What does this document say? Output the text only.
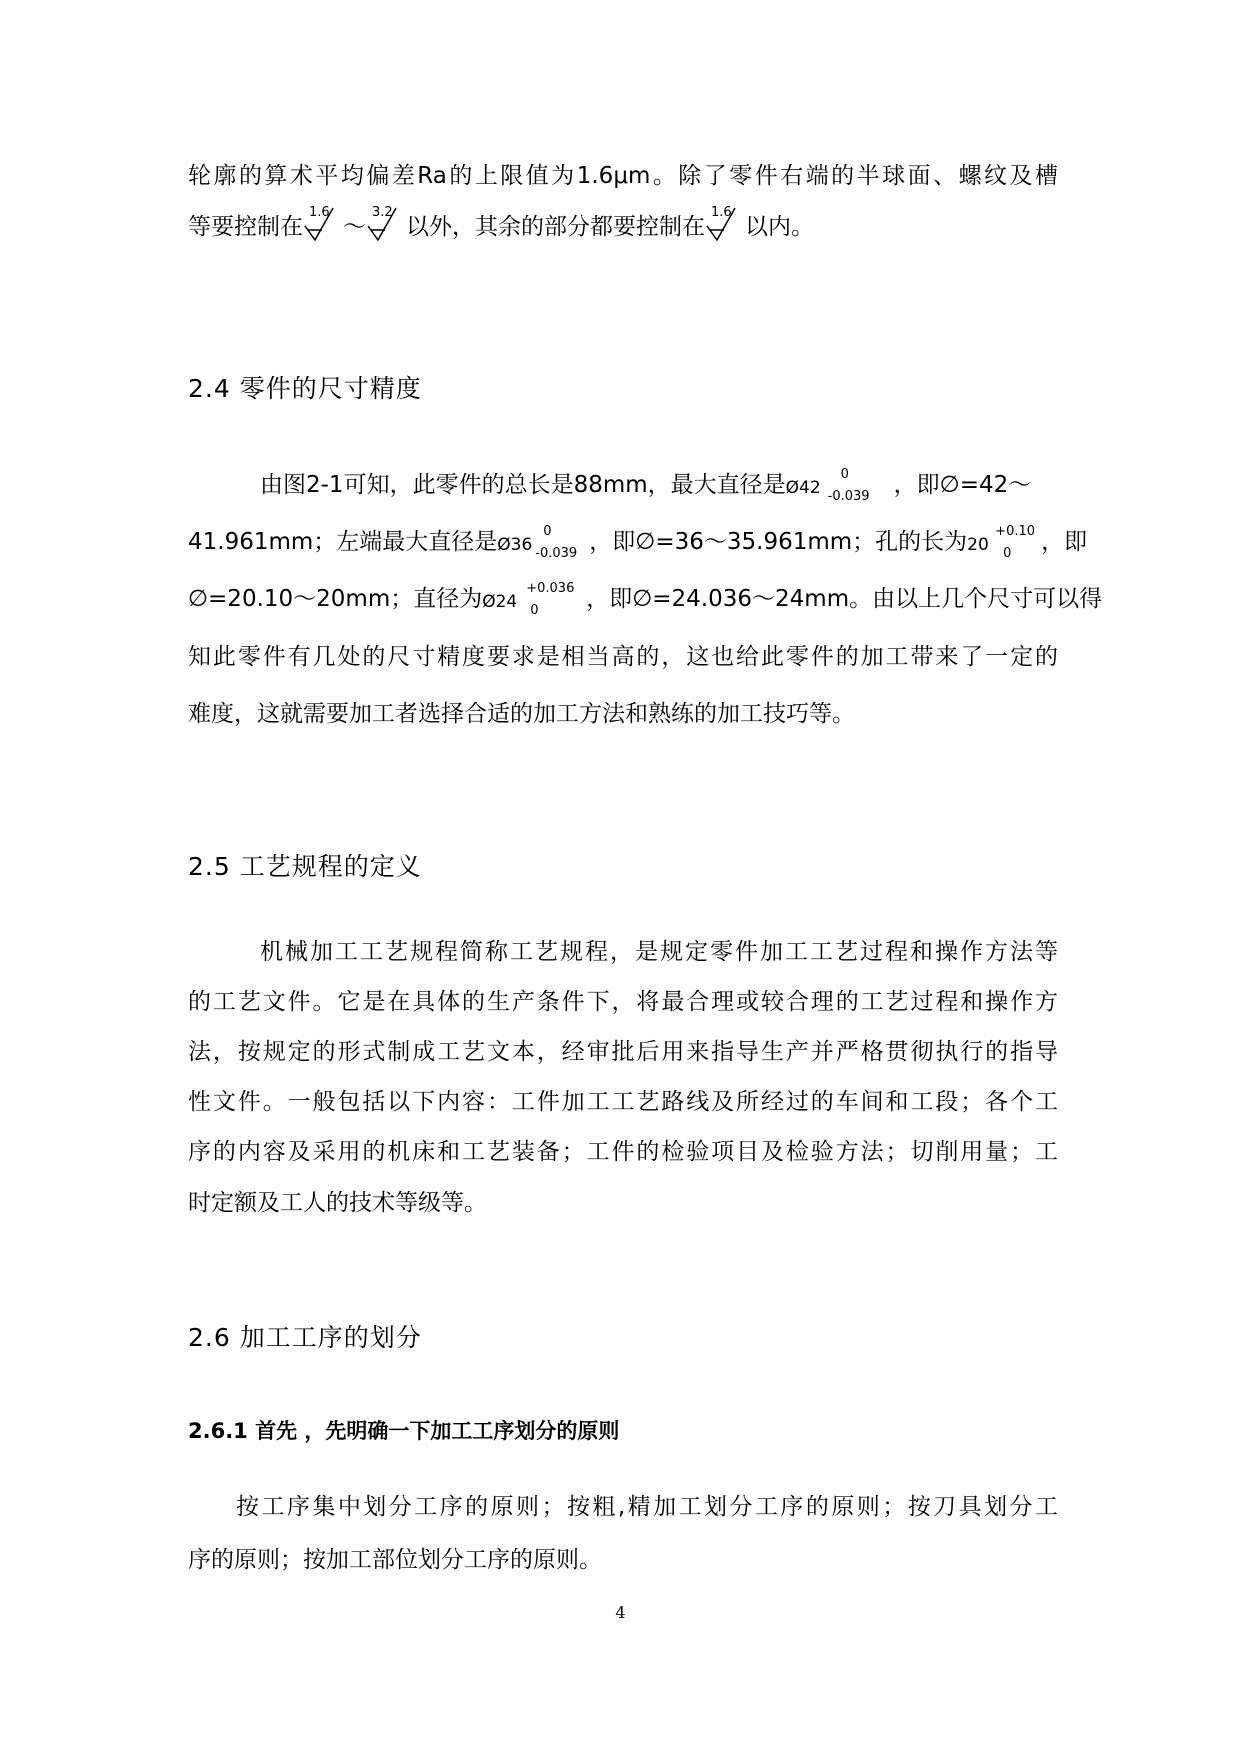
轮廓的算术平均偏差Ra的上限值为1.6μm。除了零件右端的半球面、螺纹及槽
等要控制在
1.6
～
3.2
以外，其余的部分都要控制在
1.6
以内。
2.4 零件的尺寸精度
由图2-1可知，此零件的总长是88mm，最大直径是 Ø42
0
-0.039 ，即∅=42～
41.961mm；左端最大直径是 Ø36
0
-0.039 ，即∅=36～35.961mm；孔的长为 20
+0.10
0 ，即
∅=20.10～20mm；直径为 Ø24
+0.036
0 ，即∅=24.036～24mm。由以上几个尺寸可以得
知此零件有几处的尺寸精度要求是相当高的，这也给此零件的加工带来了一定的
难度，这就需要加工者选择合适的加工方法和熟练的加工技巧等。
2.5 工艺规程的定义
机械加工工艺规程简称工艺规程，是规定零件加工工艺过程和操作方法等
的工艺文件。它是在具体的生产条件下，将最合理或较合理的工艺过程和操作方
法，按规定的形式制成工艺文本，经审批后用来指导生产并严格贯彻执行的指导
性文件。一般包括以下内容：工件加工工艺路线及所经过的车间和工段；各个工
序的内容及采用的机床和工艺装备；工件的检验项目及检验方法；切削用量；工
时定额及工人的技术等级等。
2.6 加工工序的划分
2.6.1 首先 ，先明确一下加工工序划分的原则
按工序集中划分工序的原则；按粗,精加工划分工序的原则；按刀具划分工
序的原则；按加工部位划分工序的原则。
4
